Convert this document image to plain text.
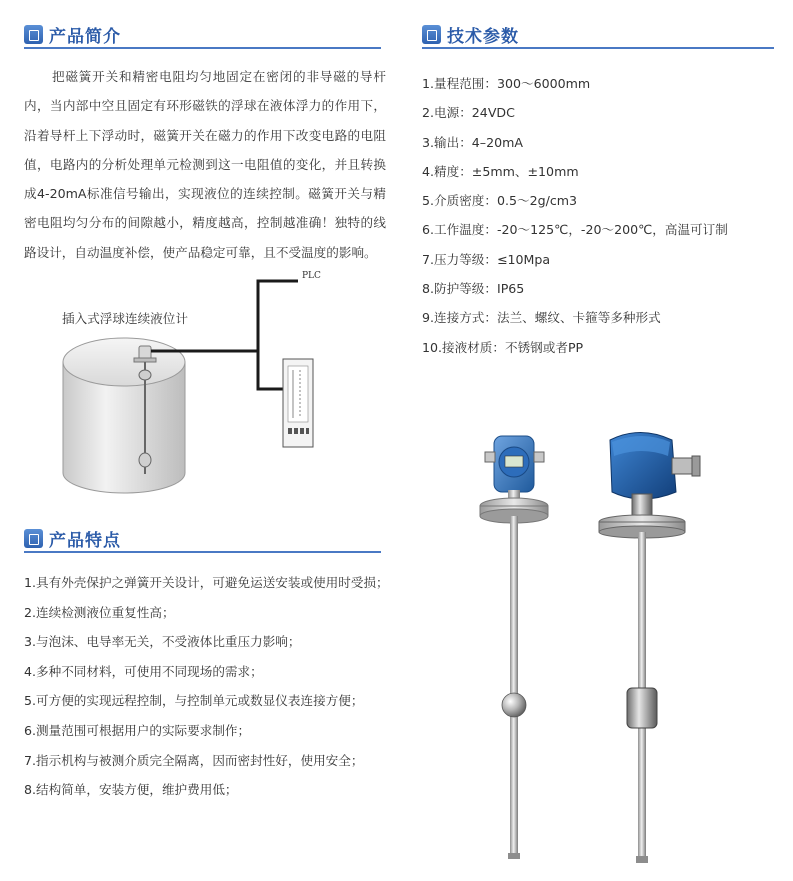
产品简介

把磁簧开关和精密电阻均匀地固定在密闭的非导磁的导杆内，当内部中空且固定有环形磁铁的浮球在液体浮力的作用下，沿着导杆上下浮动时，磁簧开关在磁力的作用下改变电路的电阻值，电路内的分析处理单元检测到这一电阻值的变化，并且转换成4-20mA标准信号输出，实现液位的连续控制。磁簧开关与精密电阻均匀分布的间隙越小，精度越高，控制越准确！独特的线路设计，自动温度补偿，使产品稳定可靠，且不受温度的影响。

PLC
插入式浮球连续液位计
产品特点
1.具有外壳保护之弹簧开关设计，可避免运送安装或使用时受损；
2.连续检测液位重复性高；
3.与泡沫、电导率无关，不受液体比重压力影响；
4.多种不同材料，可使用不同现场的需求；
5.可方便的实现远程控制，与控制单元或数显仪表连接方便；
6.测量范围可根据用户的实际要求制作；
7.指示机构与被测介质完全隔离，因而密封性好，使用安全；
8.结构简单，安装方便，维护费用低；
技术参数
1.量程范围：300～6000mm
2.电源：24VDC
3.输出：4–20mA
4.精度：±5mm、±10mm
5.介质密度：0.5～2g/cm3
6.工作温度：-20～125℃，-20～200℃，高温可订制
7.压力等级：≤10Mpa
8.防护等级：IP65
9.连接方式：法兰、螺纹、卡箍等多种形式
10.接液材质：不锈钢或者PP
